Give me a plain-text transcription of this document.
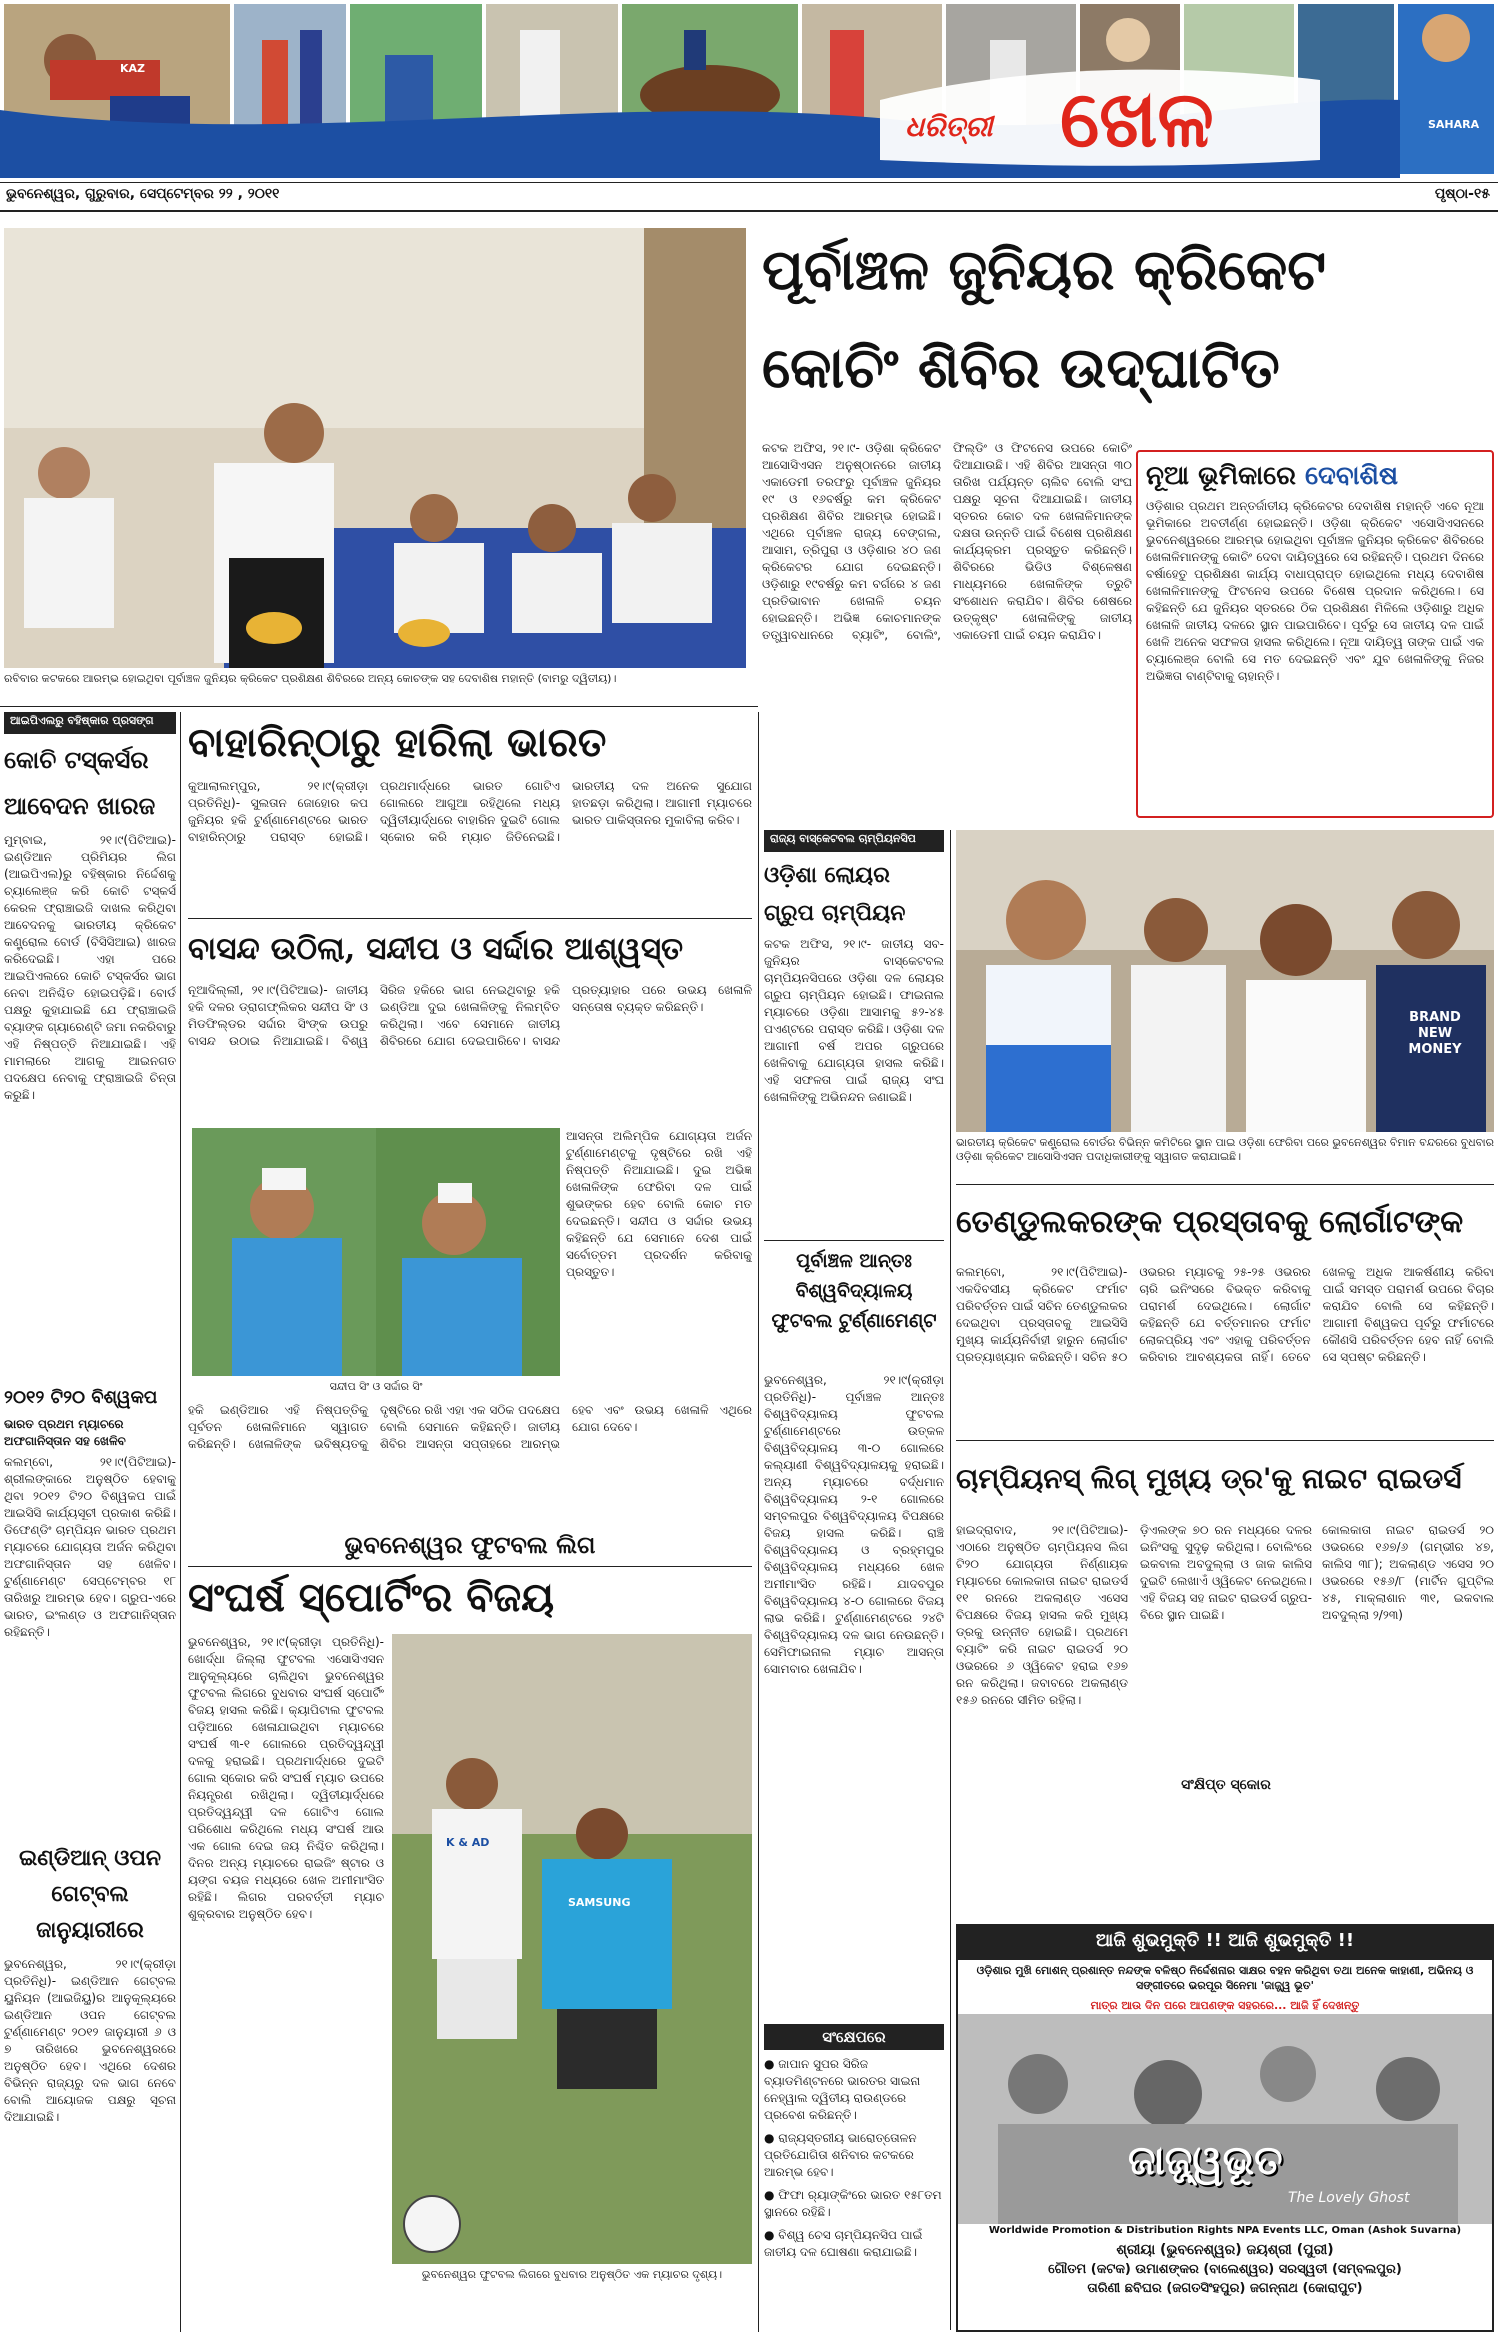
ଧରିତ୍ରୀ ଖେଳ
KAZ
SAHARA
ଭୁବନେଶ୍ୱର, ଗୁରୁବାର, ସେପ୍ଟେମ୍ବର ୨୨ , ୨୦୧୧	ପୃଷ୍ଠା-୧୫
ରବିବାର କଟକରେ ଆରମ୍ଭ ହୋଇଥିବା ପୂର୍ବାଞ୍ଚଳ ଜୁନିୟର କ୍ରିକେଟ ପ୍ରଶିକ୍ଷଣ ଶିବିରରେ ଅନ୍ୟ କୋଚଙ୍କ ସହ ଦେବାଶିଷ ମହାନ୍ତି (ବାମରୁ ଦ୍ୱିତୀୟ)।
ପୂର୍ବାଞ୍ଚଳ ଜୁନିୟର କ୍ରିକେଟ
କୋଚିଂ ଶିବିର ଉଦ୍‌ଘାଟିତ
କଟକ ଅଫିସ, ୨୧।୯- ଓଡ଼ିଶା କ୍ରିକେଟ ଆସୋସିଏସନ ଅନୁଷ୍ଠାନରେ ଜାତୀୟ ଏକାଡେମୀ ତରଫରୁ ପୂର୍ବାଞ୍ଚଳ ଜୁନିୟର ୧୯ ଓ ୧୬ବର୍ଷରୁ କମ କ୍ରିକେଟ ପ୍ରଶିକ୍ଷଣ ଶିବିର ଆରମ୍ଭ ହୋଇଛି। ଏଥିରେ ପୂର୍ବାଞ୍ଚଳ ରାଜ୍ୟ ବେଙ୍ଗଲ, ଆସାମ, ତ୍ରିପୁରା ଓ ଓଡ଼ିଶାର ୪୦ ଜଣ କ୍ରିକେଟର ଯୋଗ ଦେଇଛନ୍ତି। ଓଡ଼ିଶାରୁ ୧୯ବର୍ଷରୁ କମ ବର୍ଗରେ ୪ ଜଣ ପ୍ରତିଭାବାନ ଖେଳାଳି ଚୟନ ହୋଇଛନ୍ତି। ଅଭିଜ୍ଞ କୋଚମାନଙ୍କ ତତ୍ତ୍ୱାବଧାନରେ ବ୍ୟାଟିଂ, ବୋଲିଂ, ଫିଲ୍ଡିଂ ଓ ଫିଟନେସ ଉପରେ କୋଚିଂ ଦିଆଯାଉଛି। ଏହି ଶିବିର ଆସନ୍ତା ୩୦ ତାରିଖ ପର୍ଯ୍ୟନ୍ତ ଚାଲିବ ବୋଲି ସଂଘ ପକ୍ଷରୁ ସୂଚନା ଦିଆଯାଇଛି। ଜାତୀୟ ସ୍ତରର କୋଚ ଦଳ ଖେଳାଳିମାନଙ୍କ ଦକ୍ଷତା ଉନ୍ନତି ପାଇଁ ବିଶେଷ ପ୍ରଶିକ୍ଷଣ କାର୍ଯ୍ୟକ୍ରମ ପ୍ରସ୍ତୁତ କରିଛନ୍ତି। ଶିବିରରେ ଭିଡିଓ ବିଶ୍ଳେଷଣ ମାଧ୍ୟମରେ ଖେଳାଳିଙ୍କ ତ୍ରୁଟି ସଂଶୋଧନ କରାଯିବ। ଶିବିର ଶେଷରେ ଉତ୍କୃଷ୍ଟ ଖେଳାଳିଙ୍କୁ ଜାତୀୟ ଏକାଡେମୀ ପାଇଁ ଚୟନ କରାଯିବ।
ନୂଆ ଭୂମିକାରେ ଦେବାଶିଷ
ଓଡ଼ିଶାର ପ୍ରଥମ ଅନ୍ତର୍ଜାତୀୟ କ୍ରିକେଟର ଦେବାଶିଷ ମହାନ୍ତି ଏବେ ନୂଆ ଭୂମିକାରେ ଅବତୀର୍ଣ୍ଣ ହୋଇଛନ୍ତି। ଓଡ଼ିଶା କ୍ରିକେଟ ଏସୋସିଏସନରେ ଭୁବନେଶ୍ୱରରେ ଆରମ୍ଭ ହୋଇଥିବା ପୂର୍ବାଞ୍ଚଳ ଜୁନିୟର କ୍ରିକେଟ ଶିବିରରେ ଖେଳାଳିମାନଙ୍କୁ କୋଚିଂ ଦେବା ଦାୟିତ୍ୱରେ ସେ ରହିଛନ୍ତି। ପ୍ରଥମ ଦିନରେ ବର୍ଷାହେତୁ ପ୍ରଶିକ୍ଷଣ କାର୍ଯ୍ୟ ବାଧାପ୍ରାପ୍ତ ହୋଇଥିଲେ ମଧ୍ୟ ଦେବାଶିଷ ଖେଳାଳିମାନଙ୍କୁ ଫିଟନେସ ଉପରେ ବିଶେଷ ପ୍ରଦାନ କରିଥିଲେ। ସେ କହିଛନ୍ତି ଯେ ଜୁନିୟର ସ୍ତରରେ ଠିକ ପ୍ରଶିକ୍ଷଣ ମିଳିଲେ ଓଡ଼ିଶାରୁ ଅଧିକ ଖେଳାଳି ଜାତୀୟ ଦଳରେ ସ୍ଥାନ ପାଇପାରିବେ। ପୂର୍ବରୁ ସେ ଜାତୀୟ ଦଳ ପାଇଁ ଖେଳି ଅନେକ ସଫଳତା ହାସଲ କରିଥିଲେ। ନୂଆ ଦାୟିତ୍ୱ ତାଙ୍କ ପାଇଁ ଏକ ଚ୍ୟାଲେଞ୍ଜ ବୋଲି ସେ ମତ ଦେଇଛନ୍ତି ଏବଂ ଯୁବ ଖେଳାଳିଙ୍କୁ ନିଜର ଅଭିଜ୍ଞତା ବାଣ୍ଟିବାକୁ ଚାହାନ୍ତି।
ଆଇପିଏଲରୁ ବହିଷ୍କାର ପ୍ରସଙ୍ଗ
କୋଚି ଟସ୍କର୍ସର
ଆବେଦନ ଖାରଜ
ମୁମ୍ବାଇ, ୨୧।୯(ପିଟିଆଇ)- ଇଣ୍ଡିଆନ ପ୍ରିମିୟର ଲିଗ (ଆଇପିଏଲ)ରୁ ବହିଷ୍କାର ନିର୍ଦ୍ଦେଶକୁ ଚ୍ୟାଲେଞ୍ଜ କରି କୋଚି ଟସ୍କର୍ସ କେରଳ ଫ୍ରାଞ୍ଚାଇଜି ଦାଖଲ କରିଥିବା ଆବେଦନକୁ ଭାରତୀୟ କ୍ରିକେଟ କଣ୍ଟ୍ରୋଲ ବୋର୍ଡ (ବିସିସିଆଇ) ଖାରଜ କରିଦେଇଛି। ଏହା ପରେ ଆଇପିଏଲରେ କୋଚି ଟସ୍କର୍ସର ଭାଗ ନେବା ଅନିଶ୍ଚିତ ହୋଇପଡ଼ିଛି। ବୋର୍ଡ ପକ୍ଷରୁ କୁହାଯାଇଛି ଯେ ଫ୍ରାଞ୍ଚାଇଜି ବ୍ୟାଙ୍କ ଗ୍ୟାରେଣ୍ଟି ଜମା ନକରିବାରୁ ଏହି ନିଷ୍ପତ୍ତି ନିଆଯାଇଛି। ଏହି ମାମଲାରେ ଆଗକୁ ଆଇନଗତ ପଦକ୍ଷେପ ନେବାକୁ ଫ୍ରାଞ୍ଚାଇଜି ଚିନ୍ତା କରୁଛି।
୨୦୧୨ ଟି୨୦ ବିଶ୍ୱକପ
ଭାରତ ପ୍ରଥମ ମ୍ୟାଚରେ ଅଫଗାନିସ୍ତାନ ସହ ଖେଳିବ
କଲମ୍ବୋ, ୨୧।୯(ପିଟିଆଇ)- ଶ୍ରୀଲଙ୍କାରେ ଅନୁଷ୍ଠିତ ହେବାକୁ ଥିବା ୨୦୧୨ ଟି୨୦ ବିଶ୍ୱକପ ପାଇଁ ଆଇସିସି କାର୍ଯ୍ୟସୂଚୀ ପ୍ରକାଶ କରିଛି। ଡିଫେଣ୍ଡିଂ ଚାମ୍ପିୟନ ଭାରତ ପ୍ରଥମ ମ୍ୟାଚରେ ଯୋଗ୍ୟତା ଅର୍ଜନ କରିଥିବା ଅଫଗାନିସ୍ତାନ ସହ ଖେଳିବ। ଟୁର୍ଣ୍ଣାମେଣ୍ଟ ସେପ୍ଟେମ୍ବର ୧୮ ତାରିଖରୁ ଆରମ୍ଭ ହେବ। ଗ୍ରୁପ-ଏରେ ଭାରତ, ଇଂଲଣ୍ଡ ଓ ଅଫଗାନିସ୍ତାନ ରହିଛନ୍ତି।
ଇଣ୍ଡିଆନ୍ ଓପନ ଗେଟ୍‌ବଲ ଜାନୁୟାରୀରେ
ଭୁବନେଶ୍ୱର, ୨୧।୯(କ୍ରୀଡ଼ା ପ୍ରତିନିଧି)- ଇଣ୍ଡିଆନ ଗେଟ୍‌ବଲ ୟୁନିୟନ (ଆଇଜିୟୁ)ର ଆନୁକୂଲ୍ୟରେ ଇଣ୍ଡିଆନ ଓପନ ଗେଟ୍‌ବଲ ଟୁର୍ଣ୍ଣାମେଣ୍ଟ ୨୦୧୨ ଜାନୁୟାରୀ ୬ ଓ ୭ ତାରିଖରେ ଭୁବନେଶ୍ୱରରେ ଅନୁଷ୍ଠିତ ହେବ। ଏଥିରେ ଦେଶର ବିଭିନ୍ନ ରାଜ୍ୟରୁ ଦଳ ଭାଗ ନେବେ ବୋଲି ଆୟୋଜକ ପକ୍ଷରୁ ସୂଚନା ଦିଆଯାଇଛି।
ବାହାରିନ୍ଠାରୁ ହାରିଲା ଭାରତ
କୁଆଲାଲମ୍ପୁର, ୨୧।୯(କ୍ରୀଡ଼ା ପ୍ରତିନିଧି)- ସୁଲତାନ ଜୋହୋର କପ ଜୁନିୟର ହକି ଟୁର୍ଣ୍ଣାମେଣ୍ଟରେ ଭାରତ ବାହାରିନ୍ଠାରୁ ପରାସ୍ତ ହୋଇଛି। ପ୍ରଥମାର୍ଦ୍ଧରେ ଭାରତ ଗୋଟିଏ ଗୋଲରେ ଆଗୁଆ ରହିଥିଲେ ମଧ୍ୟ ଦ୍ୱିତୀୟାର୍ଦ୍ଧରେ ବାହାରିନ ଦୁଇଟି ଗୋଲ ସ୍କୋର କରି ମ୍ୟାଚ ଜିତିନେଇଛି। ଭାରତୀୟ ଦଳ ଅନେକ ସୁଯୋଗ ହାତଛଡ଼ା କରିଥିଲା। ଆଗାମୀ ମ୍ୟାଚରେ ଭାରତ ପାକିସ୍ତାନର ମୁକାବିଲା କରିବ।
ବାସନ୍ଦ ଉଠିଲା, ସନ୍ଦୀପ ଓ ସର୍ଦ୍ଦାର ଆଶ୍ୱସ୍ତ
ନୂଆଦିଲ୍ଲୀ, ୨୧।୯(ପିଟିଆଇ)- ଜାତୀୟ ହକି ଦଳର ଡ୍ରାଗଫ୍ଲିକର ସନ୍ଦୀପ ସିଂ ଓ ମିଡଫିଲ୍ଡର ସର୍ଦ୍ଦାର ସିଂଙ୍କ ଉପରୁ ବାସନ୍ଦ ଉଠାଇ ନିଆଯାଇଛି। ବିଶ୍ୱ ସିରିଜ ହକିରେ ଭାଗ ନେଇଥିବାରୁ ହକି ଇଣ୍ଡିଆ ଦୁଇ ଖେଳାଳିଙ୍କୁ ନିଲମ୍ବିତ କରିଥିଲା। ଏବେ ସେମାନେ ଜାତୀୟ ଶିବିରରେ ଯୋଗ ଦେଇପାରିବେ। ବାସନ୍ଦ ପ୍ରତ୍ୟାହାର ପରେ ଉଭୟ ଖେଳାଳି ସନ୍ତୋଷ ବ୍ୟକ୍ତ କରିଛନ୍ତି।
ସନ୍ଦୀପ ସିଂ ଓ ସର୍ଦ୍ଦାର ସିଂ
ଆସନ୍ତା ଅଲିମ୍ପିକ ଯୋଗ୍ୟତା ଅର୍ଜନ ଟୁର୍ଣ୍ଣାମେଣ୍ଟକୁ ଦୃଷ୍ଟିରେ ରଖି ଏହି ନିଷ୍ପତ୍ତି ନିଆଯାଇଛି। ଦୁଇ ଅଭିଜ୍ଞ ଖେଳାଳିଙ୍କ ଫେରିବା ଦଳ ପାଇଁ ଶୁଭଙ୍କର ହେବ ବୋଲି କୋଚ ମତ ଦେଇଛନ୍ତି। ସନ୍ଦୀପ ଓ ସର୍ଦ୍ଦାର ଉଭୟ କହିଛନ୍ତି ଯେ ସେମାନେ ଦେଶ ପାଇଁ ସର୍ବୋତ୍ତମ ପ୍ରଦର୍ଶନ କରିବାକୁ ପ୍ରସ୍ତୁତ।
ହକି ଇଣ୍ଡିଆର ଏହି ନିଷ୍ପତ୍ତିକୁ ପୂର୍ବତନ ଖେଳାଳିମାନେ ସ୍ୱାଗତ କରିଛନ୍ତି। ଖେଳାଳିଙ୍କ ଭବିଷ୍ୟତକୁ ଦୃଷ୍ଟିରେ ରଖି ଏହା ଏକ ସଠିକ ପଦକ୍ଷେପ ବୋଲି ସେମାନେ କହିଛନ୍ତି। ଜାତୀୟ ଶିବିର ଆସନ୍ତା ସପ୍ତାହରେ ଆରମ୍ଭ ହେବ ଏବଂ ଉଭୟ ଖେଳାଳି ଏଥିରେ ଯୋଗ ଦେବେ।
ଭୁବନେଶ୍ୱର ଫୁଟବଲ ଲିଗ
ସଂଘର୍ଷ ସ୍ପୋର୍ଟିଂର ବିଜୟ
ଭୁବନେଶ୍ୱର, ୨୧।୯(କ୍ରୀଡ଼ା ପ୍ରତିନିଧି)- ଖୋର୍ଦ୍ଧା ଜିଲ୍ଲା ଫୁଟବଲ ଏସୋସିଏସନ ଆନୁକୂଲ୍ୟରେ ଚାଲିଥିବା ଭୁବନେଶ୍ୱର ଫୁଟବଲ ଲିଗରେ ବୁଧବାର ସଂଘର୍ଷ ସ୍ପୋର୍ଟିଂ ବିଜୟ ହାସଲ କରିଛି। କ୍ୟାପିଟାଲ ଫୁଟବଲ ପଡ଼ିଆରେ ଖେଳାଯାଇଥିବା ମ୍ୟାଚରେ ସଂଘର୍ଷ ୩-୧ ଗୋଲରେ ପ୍ରତିଦ୍ୱନ୍ଦ୍ୱୀ ଦଳକୁ ହରାଇଛି। ପ୍ରଥମାର୍ଦ୍ଧରେ ଦୁଇଟି ଗୋଲ ସ୍କୋର କରି ସଂଘର୍ଷ ମ୍ୟାଚ ଉପରେ ନିୟନ୍ତ୍ରଣ ରଖିଥିଲା। ଦ୍ୱିତୀୟାର୍ଦ୍ଧରେ ପ୍ରତିଦ୍ୱନ୍ଦ୍ୱୀ ଦଳ ଗୋଟିଏ ଗୋଲ ପରିଶୋଧ କରିଥିଲେ ମଧ୍ୟ ସଂଘର୍ଷ ଆଉ ଏକ ଗୋଲ ଦେଇ ଜୟ ନିଶ୍ଚିତ କରିଥିଲା। ଦିନର ଅନ୍ୟ ମ୍ୟାଚରେ ରାଇଜିଂ ଷ୍ଟାର ଓ ୟଙ୍ଗ ବୟଜ ମଧ୍ୟରେ ଖେଳ ଅମୀମାଂସିତ ରହିଛି। ଲିଗର ପରବର୍ତ୍ତୀ ମ୍ୟାଚ ଶୁକ୍ରବାର ଅନୁଷ୍ଠିତ ହେବ।
SAMSUNG
K & AD
ଭୁବନେଶ୍ୱର ଫୁଟବଲ ଲିଗରେ ବୁଧବାର ଅନୁଷ୍ଠିତ ଏକ ମ୍ୟାଚର ଦୃଶ୍ୟ।
ରାଜ୍ୟ ବାସ୍କେଟବଲ ଚାମ୍ପିୟନସିପ
ଓଡ଼ିଶା ଲୋୟର
ଗ୍ରୁପ ଚାମ୍ପିୟନ
କଟକ ଅଫିସ, ୨୧।୯- ଜାତୀୟ ସବ-ଜୁନିୟର ବାସ୍କେଟବଲ ଚାମ୍ପିୟନସିପରେ ଓଡ଼ିଶା ଦଳ ଲୋୟର ଗ୍ରୁପ ଚାମ୍ପିୟନ ହୋଇଛି। ଫାଇନାଲ ମ୍ୟାଚରେ ଓଡ଼ିଶା ଆସାମକୁ ୫୨-୪୫ ପଏଣ୍ଟରେ ପରାସ୍ତ କରିଛି। ଓଡ଼ିଶା ଦଳ ଆଗାମୀ ବର୍ଷ ଅପର ଗ୍ରୁପରେ ଖେଳିବାକୁ ଯୋଗ୍ୟତା ହାସଲ କରିଛି। ଏହି ସଫଳତା ପାଇଁ ରାଜ୍ୟ ସଂଘ ଖେଳାଳିଙ୍କୁ ଅଭିନନ୍ଦନ ଜଣାଇଛି।
ପୂର୍ବାଞ୍ଚଳ ଆନ୍ତଃ ବିଶ୍ୱବିଦ୍ୟାଳୟ ଫୁଟବଲ ଟୁର୍ଣ୍ଣାମେଣ୍ଟ
ଭୁବନେଶ୍ୱର, ୨୧।୯(କ୍ରୀଡ଼ା ପ୍ରତିନିଧି)- ପୂର୍ବାଞ୍ଚଳ ଆନ୍ତଃ ବିଶ୍ୱବିଦ୍ୟାଳୟ ଫୁଟବଲ ଟୁର୍ଣ୍ଣାମେଣ୍ଟରେ ଉତ୍କଳ ବିଶ୍ୱବିଦ୍ୟାଳୟ ୩-୦ ଗୋଲରେ କଲ୍ୟାଣୀ ବିଶ୍ୱବିଦ୍ୟାଳୟକୁ ହରାଇଛି। ଅନ୍ୟ ମ୍ୟାଚରେ ବର୍ଦ୍ଧମାନ ବିଶ୍ୱବିଦ୍ୟାଳୟ ୨-୧ ଗୋଲରେ ସମ୍ବଲପୁର ବିଶ୍ୱବିଦ୍ୟାଳୟ ବିପକ୍ଷରେ ବିଜୟ ହାସଲ କରିଛି। ରାଞ୍ଚି ବିଶ୍ୱବିଦ୍ୟାଳୟ ଓ ବ୍ରହ୍ମପୁର ବିଶ୍ୱବିଦ୍ୟାଳୟ ମଧ୍ୟରେ ଖେଳ ଅମୀମାଂସିତ ରହିଛି। ଯାଦବପୁର ବିଶ୍ୱବିଦ୍ୟାଳୟ ୪-୦ ଗୋଲରେ ବିଜୟ ଲାଭ କରିଛି। ଟୁର୍ଣ୍ଣାମେଣ୍ଟରେ ୨୪ଟି ବିଶ୍ୱବିଦ୍ୟାଳୟ ଦଳ ଭାଗ ନେଉଛନ୍ତି। ସେମିଫାଇନାଲ ମ୍ୟାଚ ଆସନ୍ତା ସୋମବାର ଖେଳାଯିବ।
ସଂକ୍ଷେପରେ
● ଜାପାନ ସୁପର ସିରିଜ ବ୍ୟାଡମିଣ୍ଟନରେ ଭାରତର ସାଇନା ନେହ୍‌ୱାଲ ଦ୍ୱିତୀୟ ରାଉଣ୍ଡରେ ପ୍ରବେଶ କରିଛନ୍ତି।
● ରାଜ୍ୟସ୍ତରୀୟ ଭାରୋତ୍ତୋଳନ ପ୍ରତିଯୋଗିତା ଶନିବାର କଟକରେ ଆରମ୍ଭ ହେବ।
● ଫିଫା ର‌୍ୟାଙ୍କିଂରେ ଭାରତ ୧୫୮ତମ ସ୍ଥାନରେ ରହିଛି।
● ବିଶ୍ୱ ଚେସ ଚାମ୍ପିୟନସିପ ପାଇଁ ଜାତୀୟ ଦଳ ଘୋଷଣା କରାଯାଇଛି।
BRAND NEW MONEY
ଭାରତୀୟ କ୍ରିକେଟ କଣ୍ଟ୍ରୋଲ ବୋର୍ଡର ବିଭିନ୍ନ କମିଟିରେ ସ୍ଥାନ ପାଇ ଓଡ଼ିଶା ଫେରିବା ପରେ ଭୁବନେଶ୍ୱର ବିମାନ ବନ୍ଦରରେ ବୁଧବାର ଓଡ଼ିଶା କ୍ରିକେଟ ଆସୋସିଏସନ ପଦାଧିକାରୀଙ୍କୁ ସ୍ୱାଗତ କରାଯାଇଛି।
ତେଣ୍ଡୁଲକରଙ୍କ ପ୍ରସ୍ତାବକୁ ଲୋର୍ଗାଟଙ୍କ
କଲମ୍ବୋ, ୨୧।୯(ପିଟିଆଇ)- ଏକଦିବସୀୟ କ୍ରିକେଟ ଫର୍ମାଟ ପରିବର୍ତ୍ତନ ପାଇଁ ସଚିନ ତେଣ୍ଡୁଲକର ଦେଇଥିବା ପ୍ରସ୍ତାବକୁ ଆଇସିସି ମୁଖ୍ୟ କାର୍ଯ୍ୟନିର୍ବାହୀ ହାରୁନ ଲୋର୍ଗାଟ ପ୍ରତ୍ୟାଖ୍ୟାନ କରିଛନ୍ତି। ସଚିନ ୫୦ ଓଭରର ମ୍ୟାଚକୁ ୨୫-୨୫ ଓଭରର ଚାରି ଇନିଂସରେ ବିଭକ୍ତ କରିବାକୁ ପରାମର୍ଶ ଦେଇଥିଲେ। ଲୋର୍ଗାଟ କହିଛନ୍ତି ଯେ ବର୍ତ୍ତମାନର ଫର୍ମାଟ ଲୋକପ୍ରିୟ ଏବଂ ଏହାକୁ ପରିବର୍ତ୍ତନ କରିବାର ଆବଶ୍ୟକତା ନାହିଁ। ତେବେ ଖେଳକୁ ଅଧିକ ଆକର୍ଷଣୀୟ କରିବା ପାଇଁ ସମସ୍ତ ପରାମର୍ଶ ଉପରେ ବିଚାର କରାଯିବ ବୋଲି ସେ କହିଛନ୍ତି। ଆଗାମୀ ବିଶ୍ୱକପ ପୂର୍ବରୁ ଫର୍ମାଟରେ କୌଣସି ପରିବର୍ତ୍ତନ ହେବ ନାହିଁ ବୋଲି ସେ ସ୍ପଷ୍ଟ କରିଛନ୍ତି।
ଚାମ୍ପିୟନସ୍ ଲିଗ୍ ମୁଖ୍ୟ ଡ୍ର'କୁ ନାଇଟ ରାଇଡର୍ସ
ହାଇଦ୍ରାବାଦ, ୨୧।୯(ପିଟିଆଇ)- ଏଠାରେ ଅନୁଷ୍ଠିତ ଚାମ୍ପିୟନସ ଲିଗ ଟି୨୦ ଯୋଗ୍ୟତା ନିର୍ଣ୍ଣାୟକ ମ୍ୟାଚରେ କୋଲକାତା ନାଇଟ ରାଇଡର୍ସ ୧୧ ରନରେ ଅକଲାଣ୍ଡ ଏସେସ ବିପକ୍ଷରେ ବିଜୟ ହାସଲ କରି ମୁଖ୍ୟ ଡ୍ରକୁ ଉନ୍ନୀତ ହୋଇଛି। ପ୍ରଥମେ ବ୍ୟାଟିଂ କରି ନାଇଟ ରାଇଡର୍ସ ୨୦ ଓଭରରେ ୬ ଓ୍ୱିକେଟ ହରାଇ ୧୬୭ ରନ କରିଥିଲା। ଜବାବରେ ଅକଲାଣ୍ଡ ୧୫୬ ରନରେ ସୀମିତ ରହିଲା।
ଡ଼ିଏଲଙ୍କ ୭୦ ରନ ମଧ୍ୟରେ ଦଳର ଇନିଂସକୁ ସୁଦୃଢ଼ କରିଥିଲା। ବୋଲିଂରେ ଇକବାଲ ଅବଦୁଲ୍ଲା ଓ ଜାକ କାଲିସ ଦୁଇଟି ଲେଖାଏଁ ଓ୍ୱିକେଟ ନେଇଥିଲେ। ଏହି ବିଜୟ ସହ ନାଇଟ ରାଇଡର୍ସ ଗ୍ରୁପ-ବିରେ ସ୍ଥାନ ପାଇଛି।
ସଂକ୍ଷିପ୍ତ ସ୍କୋର
କୋଲକାତା ନାଇଟ ରାଇଡର୍ସ ୨୦ ଓଭରରେ ୧୬୭/୬ (ଗମ୍ଭୀର ୪୭, କାଲିସ ୩୮); ଅକଲାଣ୍ଡ ଏସେସ ୨୦ ଓଭରରେ ୧୫୬/୮ (ମାର୍ଟିନ ଗୁପ୍ଟିଲ ୪୫, ମାକ୍ଲାଶାନ ୩୧, ଇକବାଲ ଅବଦୁଲ୍ଲା ୨/୨୩)
ଆଜି ଶୁଭମୁକ୍ତି !! ଆଜି ଶୁଭମୁକ୍ତି !!
ଓଡ଼ିଶାର ମୁଖି ମୋଶନ୍ ପ୍ରଶାନ୍ତ ନନ୍ଦଙ୍କ ବଳିଷ୍ଠ ନିର୍ଦ୍ଦେଶନାର ସାକ୍ଷର ବହନ କରିଥିବା ତଥା ଅନେକ କାହାଣୀ, ଅଭିନୟ ଓ ସଙ୍ଗୀତରେ ଭରପୂର ସିନେମା 'ଜାଜ୍ଜ୍ୱ ଭୂତ'
ମାତ୍ର ଆଉ ଦିନ ପରେ ଆପଣଙ୍କ ସହରରେ... ଆଜି ହିଁ ଦେଖନ୍ତୁ
ଜାଜ୍ଜ୍ୱଭୂତ
The Lovely Ghost
Worldwide Promotion & Distribution Rights NPA Events LLC, Oman (Ashok Suvarna)
ଶ୍ରୀୟା (ଭୁବନେଶ୍ୱର) ଜୟଶ୍ରୀ (ପୁରୀ)
ଗୌତମ (କଟକ) ଉମାଶଙ୍କର (ବାଲେଶ୍ୱର) ସରସ୍ୱତୀ (ସମ୍ବଲପୁର)
ତାରିଣୀ ଛବିଘର (ଜଗତସିଂହପୁର) ଜଗନ୍ନାଥ (କୋରାପୁଟ)
